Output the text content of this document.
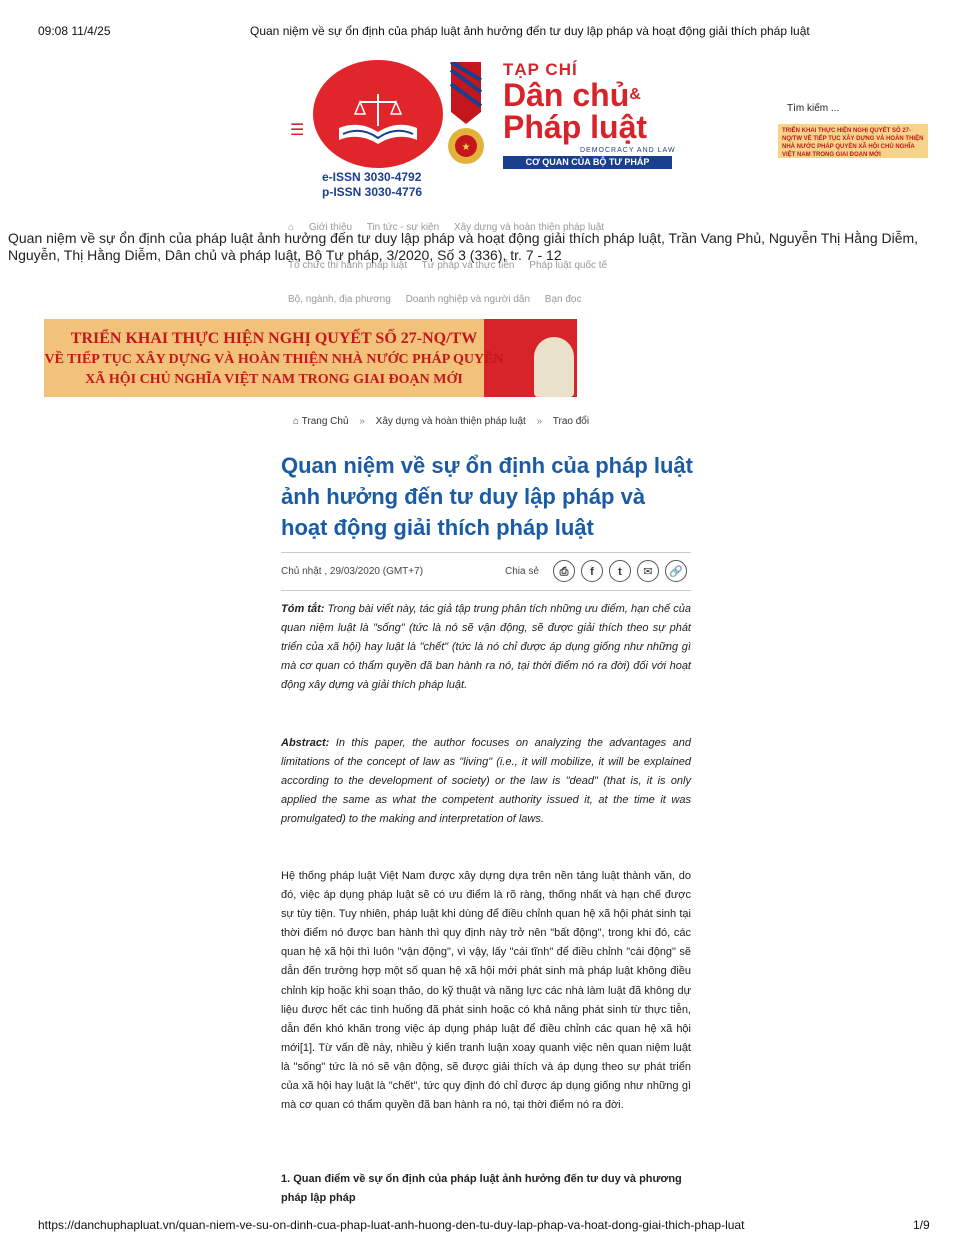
09:08 11/4/25	Quan niệm về sự ổn định của pháp luật ảnh hưởng đến tư duy lập pháp và hoạt động giải thích pháp luật
https://danchuphapluat.vn/quan-niem-ve-su-on-dinh-cua-phap-luat-anh-huong-den-tu-duy-lap-phap-va-hoat-dong-giai-thich-phap-luat	1/9
☰
e-ISSN 3030-4792
p-ISSN 3030-4776
★
TẠP CHÍ
Dân chủ&
Pháp luật
DEMOCRACY AND LAW
CƠ QUAN CỦA BỘ TƯ PHÁP
Tìm kiếm ...
TRIỂN KHAI THỰC HIỆN NGHỊ QUYẾT SỐ 27-NQ/TW VỀ TIẾP TỤC XÂY DỰNG VÀ HOÀN THIỆN NHÀ NƯỚC PHÁP QUYỀN XÃ HỘI CHỦ NGHĨA VIỆT NAM TRONG GIAI ĐOẠN MỚI
⌂ Giới thiệu Tin tức - sự kiện Xây dựng và hoàn thiện pháp luật
Tổ chức thi hành pháp luật Tư pháp và thực tiễn Pháp luật quốc tế
Bộ, ngành, địa phương Doanh nghiệp và người dân Bạn đọc
Quan niệm về sự ổn định của pháp luật ảnh hưởng đến tư duy lập pháp và hoạt động giải thích pháp luật, Trần Vang Phủ, Nguyễn Thị Hằng Diễm, Nguyễn, Thị Hằng Diễm, Dân chủ và pháp luật, Bộ Tư pháp, 3/2020, Số 3 (336), tr. 7 - 12
TRIỂN KHAI THỰC HIỆN NGHỊ QUYẾT SỐ 27-NQ/TW
VỀ TIẾP TỤC XÂY DỰNG VÀ HOÀN THIỆN NHÀ NƯỚC PHÁP QUYỀN
XÃ HỘI CHỦ NGHĨA VIỆT NAM TRONG GIAI ĐOẠN MỚI
⌂ Trang Chủ » Xây dựng và hoàn thiện pháp luật » Trao đổi
Quan niệm về sự ổn định của pháp luật ảnh hưởng đến tư duy lập pháp và hoạt động giải thích pháp luật
Chủ nhật , 29/03/2020 (GMT+7)	Chia sẻ	⎙	f	t	✉	🔗
Tóm tắt: Trong bài viết này, tác giả tập trung phân tích những ưu điểm, hạn chế của quan niệm luật là "sống" (tức là nó sẽ vận động, sẽ được giải thích theo sự phát triển của xã hội) hay luật là "chết" (tức là nó chỉ được áp dụng giống như những gì mà cơ quan có thẩm quyền đã ban hành ra nó, tại thời điểm nó ra đời) đối với hoạt động xây dựng và giải thích pháp luật.
Abstract: In this paper, the author focuses on analyzing the advantages and limitations of the concept of law as "living" (i.e., it will mobilize, it will be explained according to the development of society) or the law is "dead" (that is, it is only applied the same as what the competent authority issued it, at the time it was promulgated) to the making and interpretation of laws.
Hệ thống pháp luật Việt Nam được xây dựng dựa trên nền tảng luật thành văn, do đó, việc áp dụng pháp luật sẽ có ưu điểm là rõ ràng, thống nhất và hạn chế được sự tùy tiện. Tuy nhiên, pháp luật khi dùng để điều chỉnh quan hệ xã hội phát sinh tại thời điểm nó được ban hành thì quy định này trở nên "bất động", trong khi đó, các quan hệ xã hội thì luôn "vận động", vì vậy, lấy "cái tĩnh" để điều chỉnh "cái động" sẽ dẫn đến trường hợp một số quan hệ xã hội mới phát sinh mà pháp luật không điều chỉnh kịp hoặc khi soạn thảo, do kỹ thuật và năng lực các nhà làm luật đã không dự liệu được hết các tình huống đã phát sinh hoặc có khả năng phát sinh từ thực tiễn, dẫn đến khó khăn trong việc áp dụng pháp luật để điều chỉnh các quan hệ xã hội mới[1]. Từ vấn đề này, nhiều ý kiến tranh luận xoay quanh việc nên quan niệm luật là "sống" tức là nó sẽ vận động, sẽ được giải thích và áp dụng theo sự phát triển của xã hội hay luật là "chết", tức quy định đó chỉ được áp dụng giống như những gì mà cơ quan có thẩm quyền đã ban hành ra nó, tại thời điểm nó ra đời.
1. Quan điểm về sự ổn định của pháp luật ảnh hưởng đến tư duy và phương pháp lập pháp
